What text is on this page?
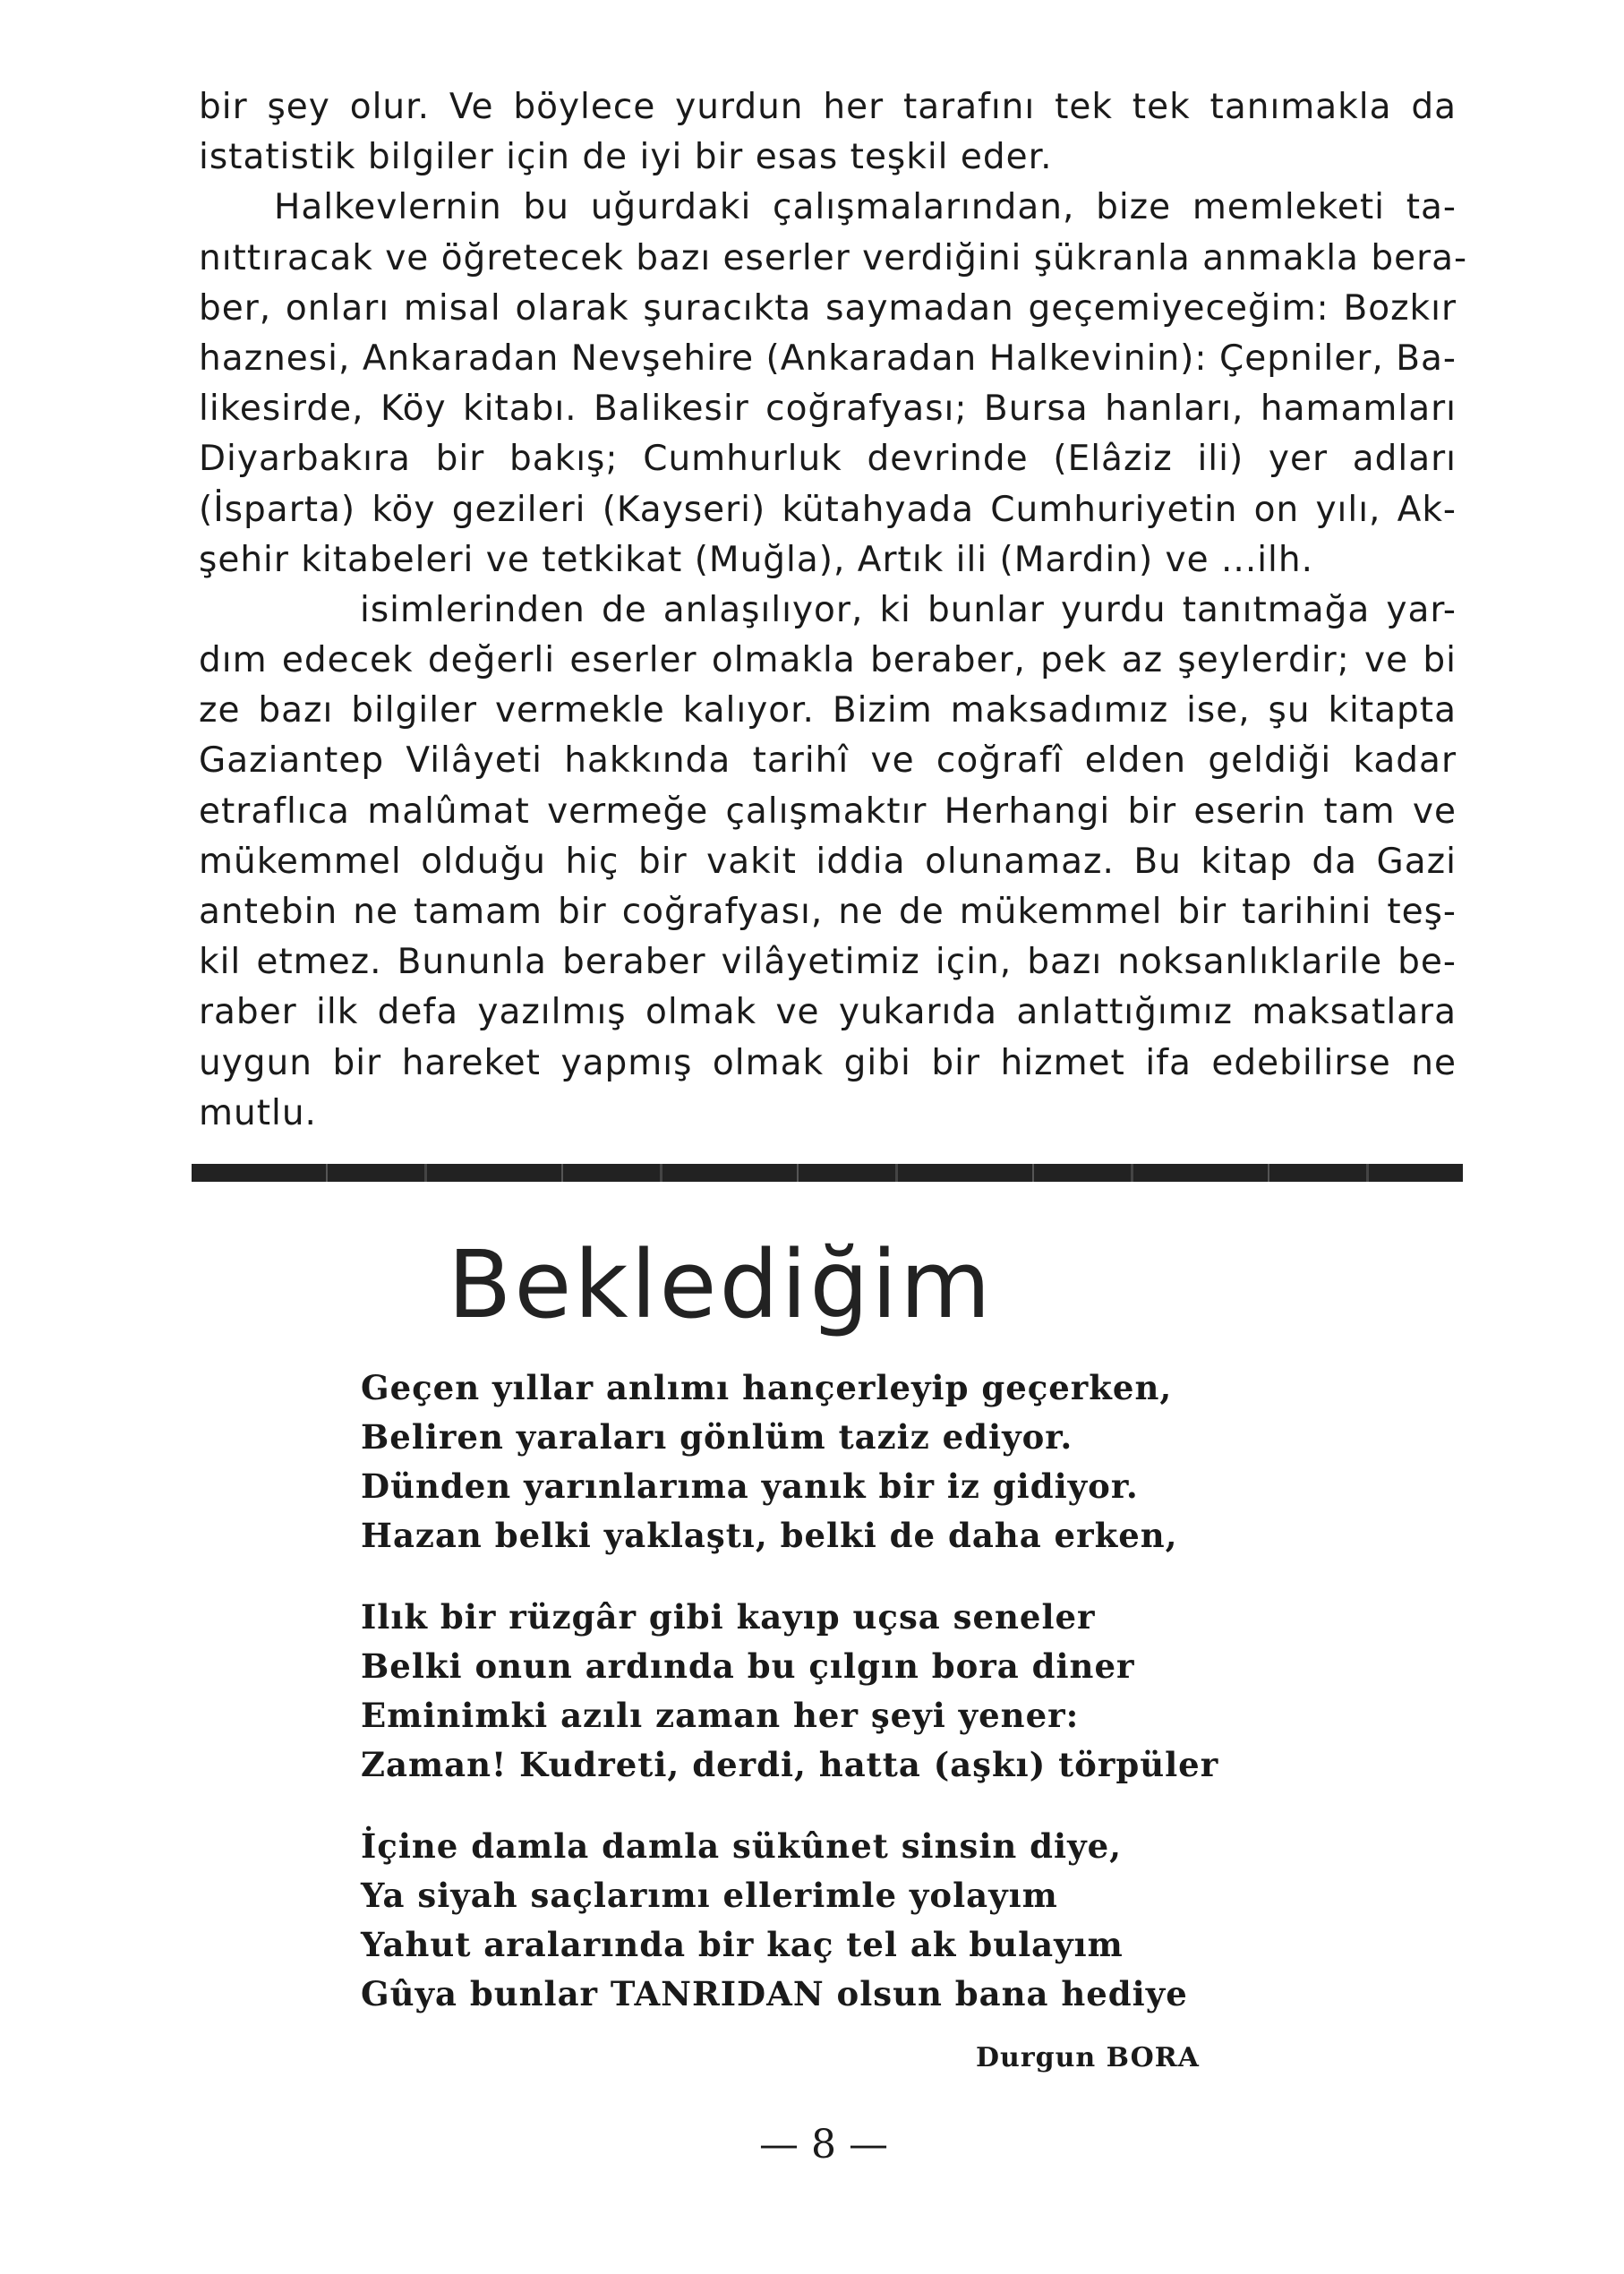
bir şey olur. Ve böylece yurdun her tarafını tek tek tanımakla da
istatistik bilgiler için de iyi bir esas teşkil eder.
Halkevlernin bu uğurdaki çalışmalarından, bize memleketi ta-
nıttıracak ve öğretecek bazı eserler verdiğini şükranla anmakla bera-
ber, onları misal olarak şuracıkta saymadan geçemiyeceğim: Bozkır
haznesi, Ankaradan Nevşehire (Ankaradan Halkevinin): Çepniler, Ba-
likesirde, Köy kitabı. Balikesir coğrafyası; Bursa hanları, hamamları
Diyarbakıra bir bakış; Cumhurluk devrinde (Elâziz ili) yer adları
(İsparta) köy gezileri (Kayseri) kütahyada Cumhuriyetin on yılı, Ak-
şehir kitabeleri ve tetkikat (Muğla), Artık ili (Mardin) ve ...ilh.
isimlerinden de anlaşılıyor, ki bunlar yurdu tanıtmağa yar-
dım edecek değerli eserler olmakla beraber, pek az şeylerdir; ve bi
ze bazı bilgiler vermekle kalıyor. Bizim maksadımız ise, şu kitapta
Gaziantep Vilâyeti hakkında tarihî ve coğrafî elden geldiği kadar
etraflıca malûmat vermeğe çalışmaktır Herhangi bir eserin tam ve
mükemmel olduğu hiç bir vakit iddia olunamaz. Bu kitap da Gazi
antebin ne tamam bir coğrafyası, ne de mükemmel bir tarihini teş-
kil etmez. Bununla beraber vilâyetimiz için, bazı noksanlıklarile be-
raber ilk defa yazılmış olmak ve yukarıda anlattığımız maksatlara
uygun bir hareket yapmış olmak gibi bir hizmet ifa edebilirse ne
mutlu.
Beklediğim
Geçen yıllar anlımı hançerleyip geçerken,
Beliren yaraları gönlüm taziz ediyor.
Dünden yarınlarıma yanık bir iz gidiyor.
Hazan belki yaklaştı, belki de daha erken,
Ilık bir rüzgâr gibi kayıp uçsa seneler
Belki onun ardında bu çılgın bora diner
Eminimki azılı zaman her şeyi yener:
Zaman! Kudreti, derdi, hatta (aşkı) törpüler
İçine damla damla sükûnet sinsin diye,
Ya siyah saçlarımı ellerimle yolayım
Yahut aralarında bir kaç tel ak bulayım
Gûya bunlar TANRIDAN olsun bana hediye
Durgun BORA
— 8 —
